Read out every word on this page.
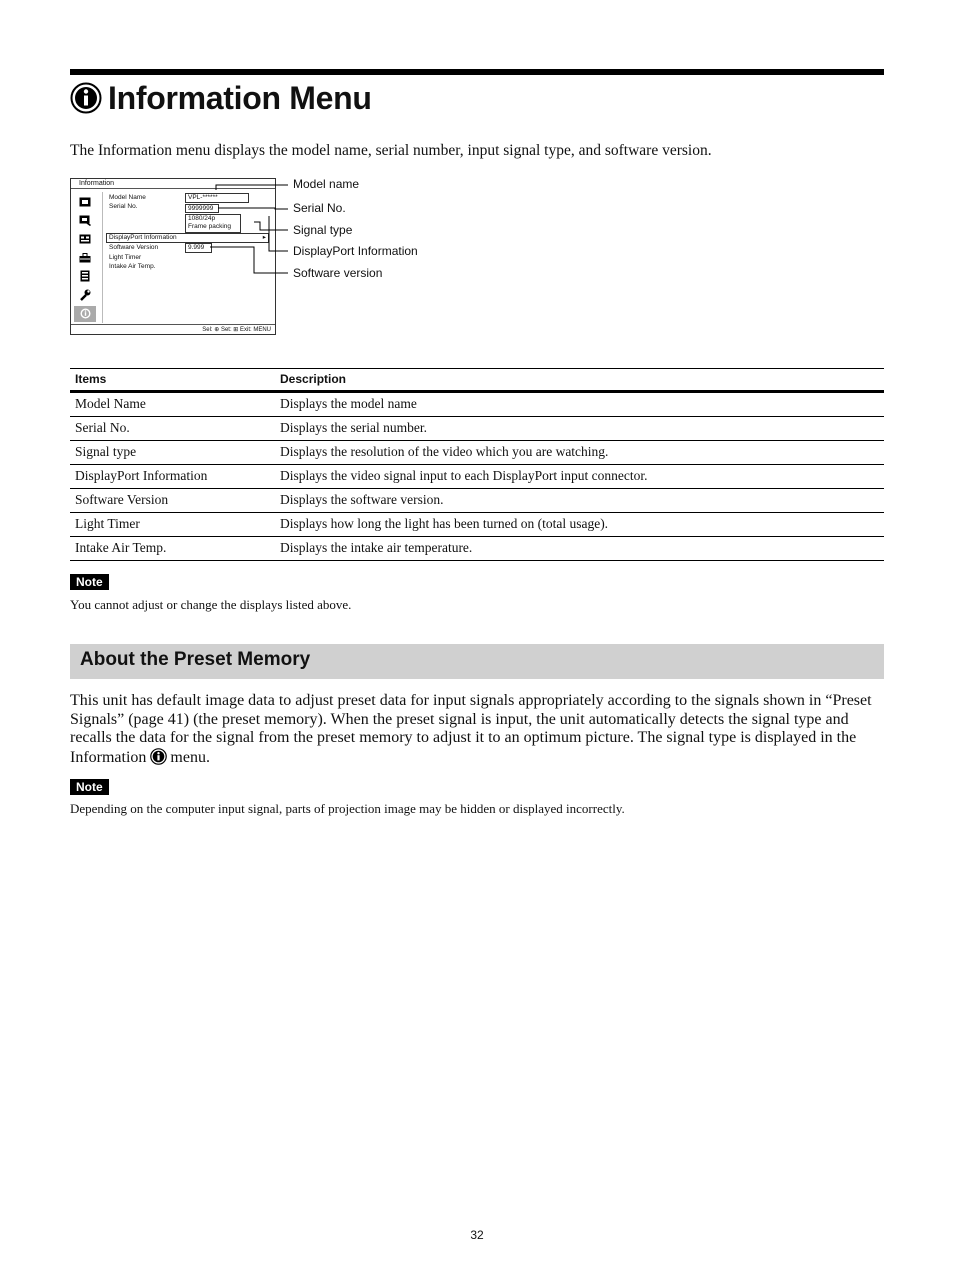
Information Menu
The Information menu displays the model name, serial number, input signal type, and software version.
Information
Model Name
Serial No.
VPL-******
9999999
1080/24p
Frame packing
DisplayPort Information	▸
Software Version	9.999
Light Timer
Intake Air Temp.
Sel: ⊕ Set: ⊞ Exit: MENU
Model name
Serial No.
Signal type
DisplayPort Information
Software version
Items	Description
Model Name	Displays the model name
Serial No.	Displays the serial number.
Signal type	Displays the resolution of the video which you are watching.
DisplayPort Information	Displays the video signal input to each DisplayPort input connector.
Software Version	Displays the software version.
Light Timer	Displays how long the light has been turned on (total usage).
Intake Air Temp.	Displays the intake air temperature.
Note
You cannot adjust or change the displays listed above.
About the Preset Memory
This unit has default image data to adjust preset data for input signals appropriately according to the signals shown in “Preset Signals” (page 41) (the preset memory). When the preset signal is input, the unit automatically detects the signal type and recalls the data for the signal from the preset memory to adjust it to an optimum picture. The signal type is displayed in the Information menu.
Note
Depending on the computer input signal, parts of projection image may be hidden or displayed incorrectly.
32
